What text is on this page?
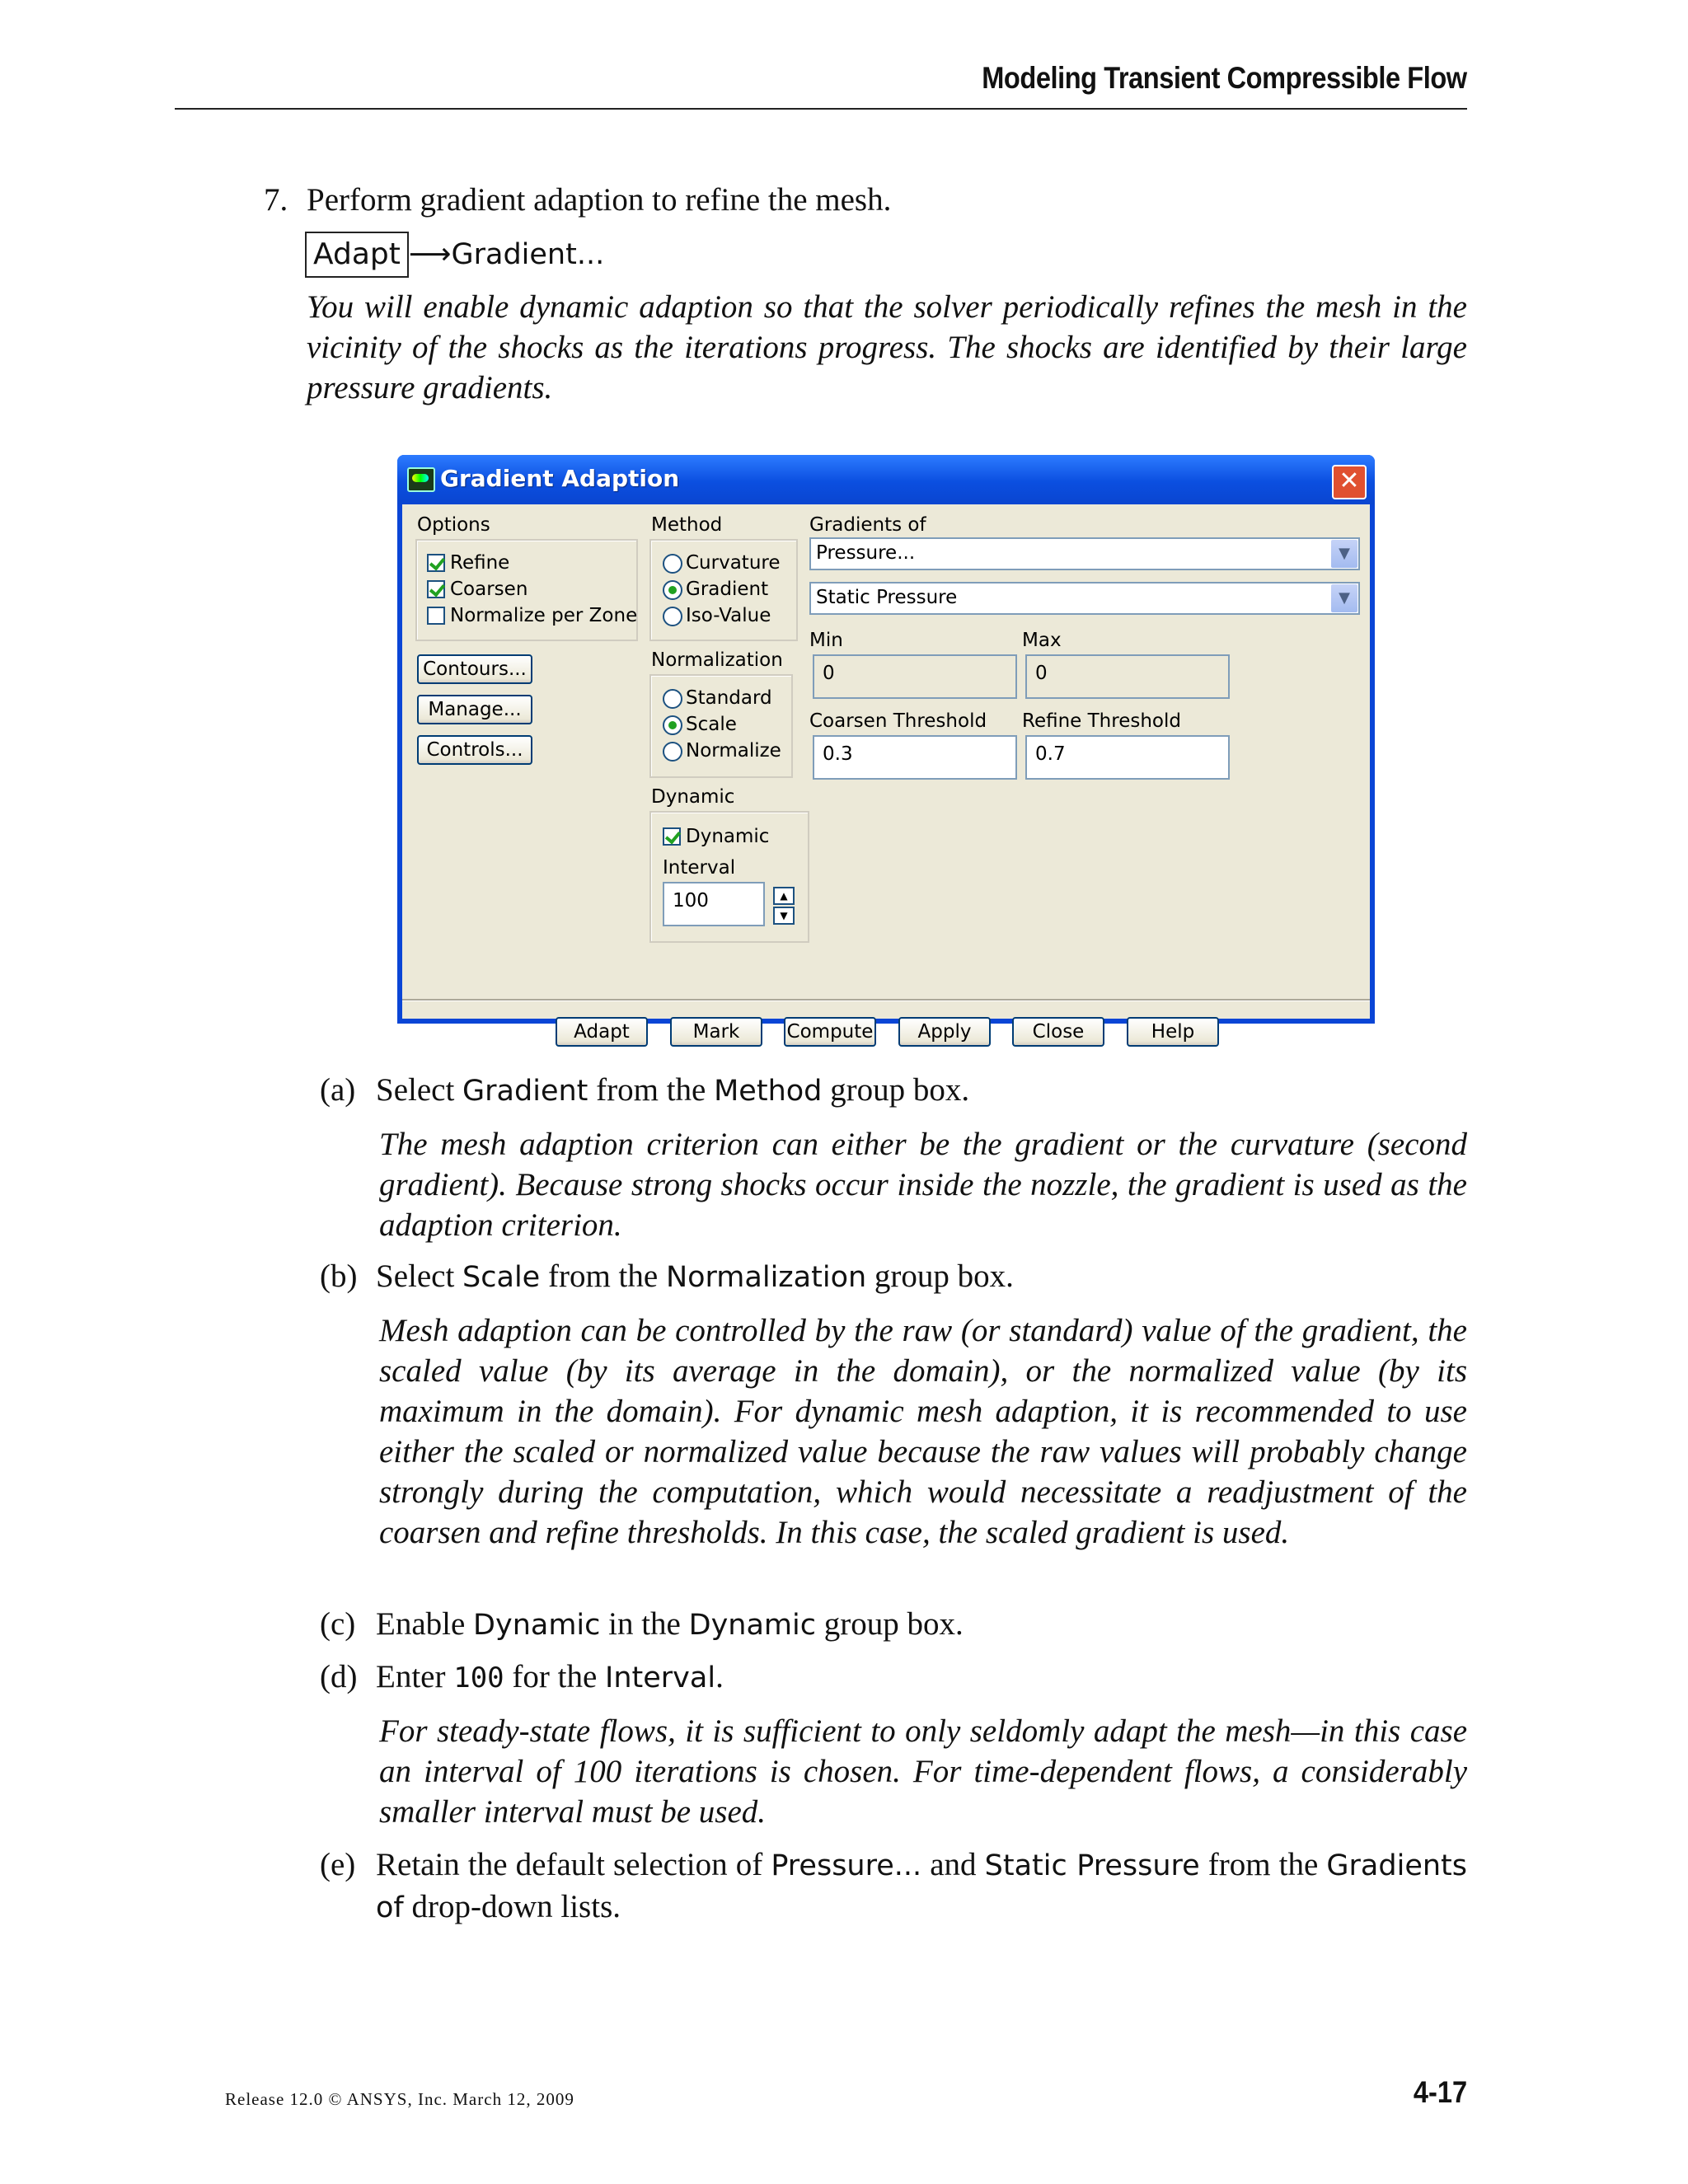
Modeling Transient Compressible Flow
7. Perform gradient adaption to refine the mesh.
Adapt ⟶Gradient...
You will enable dynamic adaption so that the solver periodically refines the mesh in the vicinity of the shocks as the iterations progress. The shocks are identified by their large pressure gradients.
Gradient Adaption	✕
Options
Refine
Coarsen
Normalize per Zone
Contours...
Manage...
Controls...
Method
Curvature
Gradient
Iso-Value
Normalization
Standard
Scale
Normalize
Dynamic
Dynamic
Interval
100	▲
▼
Gradients of
Pressure...	▼
Static Pressure	▼
Min
0
Max
0
Coarsen Threshold
0.3
Refine Threshold
0.7
Adapt	Mark	Compute	Apply	Close	Help
(a) Select Gradient from the Method group box.
The mesh adaption criterion can either be the gradient or the curvature (second gradient). Because strong shocks occur inside the nozzle, the gradient is used as the adaption criterion.
(b) Select Scale from the Normalization group box.
Mesh adaption can be controlled by the raw (or standard) value of the gradient, the scaled value (by its average in the domain), or the normalized value (by its maximum in the domain). For dynamic mesh adaption, it is recommended to use either the scaled or normalized value because the raw values will probably change strongly during the computation, which would necessitate a readjustment of the coarsen and refine thresholds. In this case, the scaled gradient is used.
(c) Enable Dynamic in the Dynamic group box.
(d) Enter 100 for the Interval.
For steady-state flows, it is sufficient to only seldomly adapt the mesh—in this case an interval of 100 iterations is chosen. For time-dependent flows, a considerably smaller interval must be used.
(e) Retain the default selection of Pressure... and Static Pressure from the Gradients of drop-down lists.
Release 12.0 © ANSYS, Inc. March 12, 2009	4-17
